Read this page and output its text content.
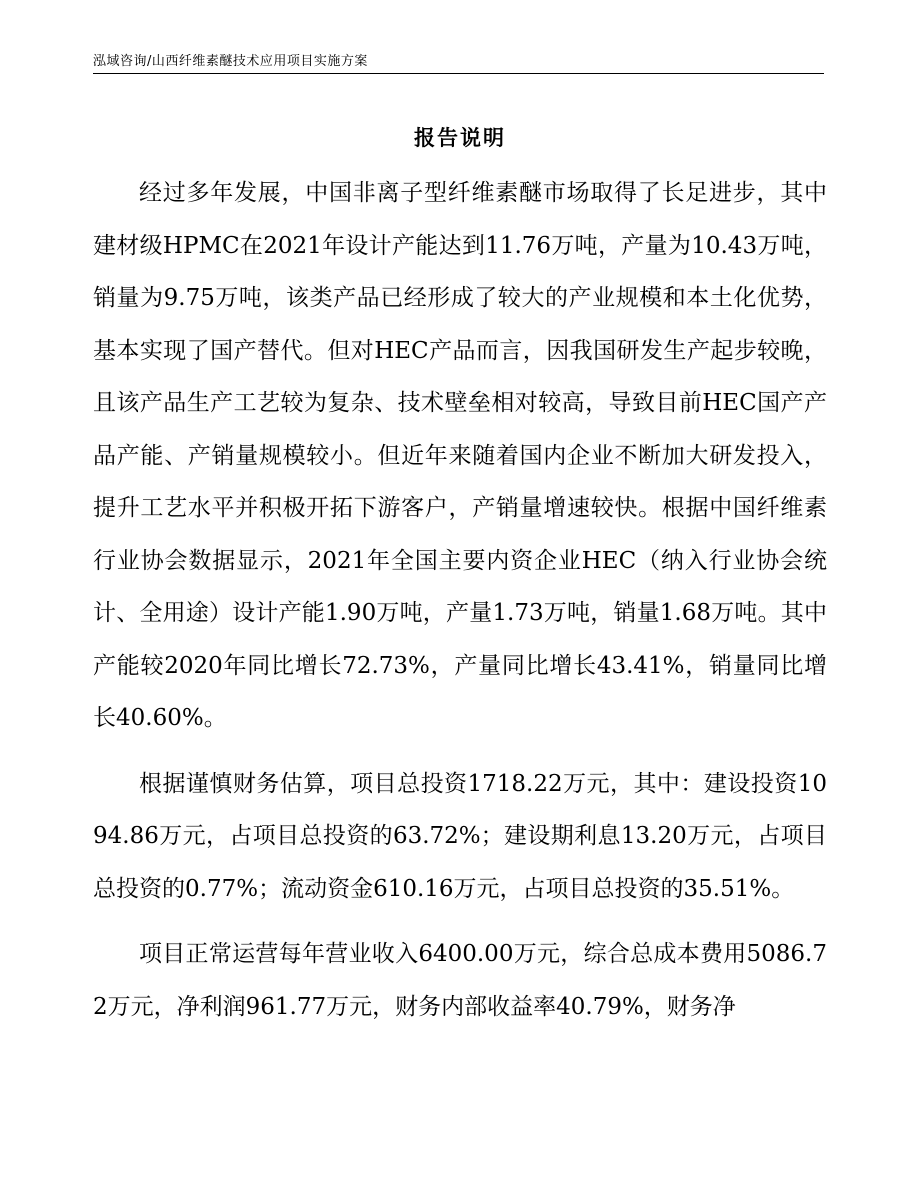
泓域咨询/山西纤维素醚技术应用项目实施方案
报告说明

经过多年发展，中国非离子型纤维素醚市场取得了长足进步，其中建材级HPMC在2021年设计产能达到11.76万吨，产量为10.43万吨，销量为9.75万吨，该类产品已经形成了较大的产业规模和本土化优势，基本实现了国产替代。但对HEC产品而言，因我国研发生产起步较晚，且该产品生产工艺较为复杂、技术壁垒相对较高，导致目前HEC国产产品产能、产销量规模较小。但近年来随着国内企业不断加大研发投入，提升工艺水平并积极开拓下游客户，产销量增速较快。根据中国纤维素行业协会数据显示，2021年全国主要内资企业HEC（纳入行业协会统计、全用途）设计产能1.90万吨，产量1.73万吨，销量1.68万吨。其中产能较2020年同比增长72.73%，产量同比增长43.41%，销量同比增长40.60%。

根据谨慎财务估算，项目总投资1718.22万元，其中：建设投资1094.86万元，占项目总投资的63.72%；建设期利息13.20万元，占项目总投资的0.77%；流动资金610.16万元，占项目总投资的35.51%。

项目正常运营每年营业收入6400.00万元，综合总成本费用5086.72万元，净利润961.77万元，财务内部收益率40.79%，财务净
